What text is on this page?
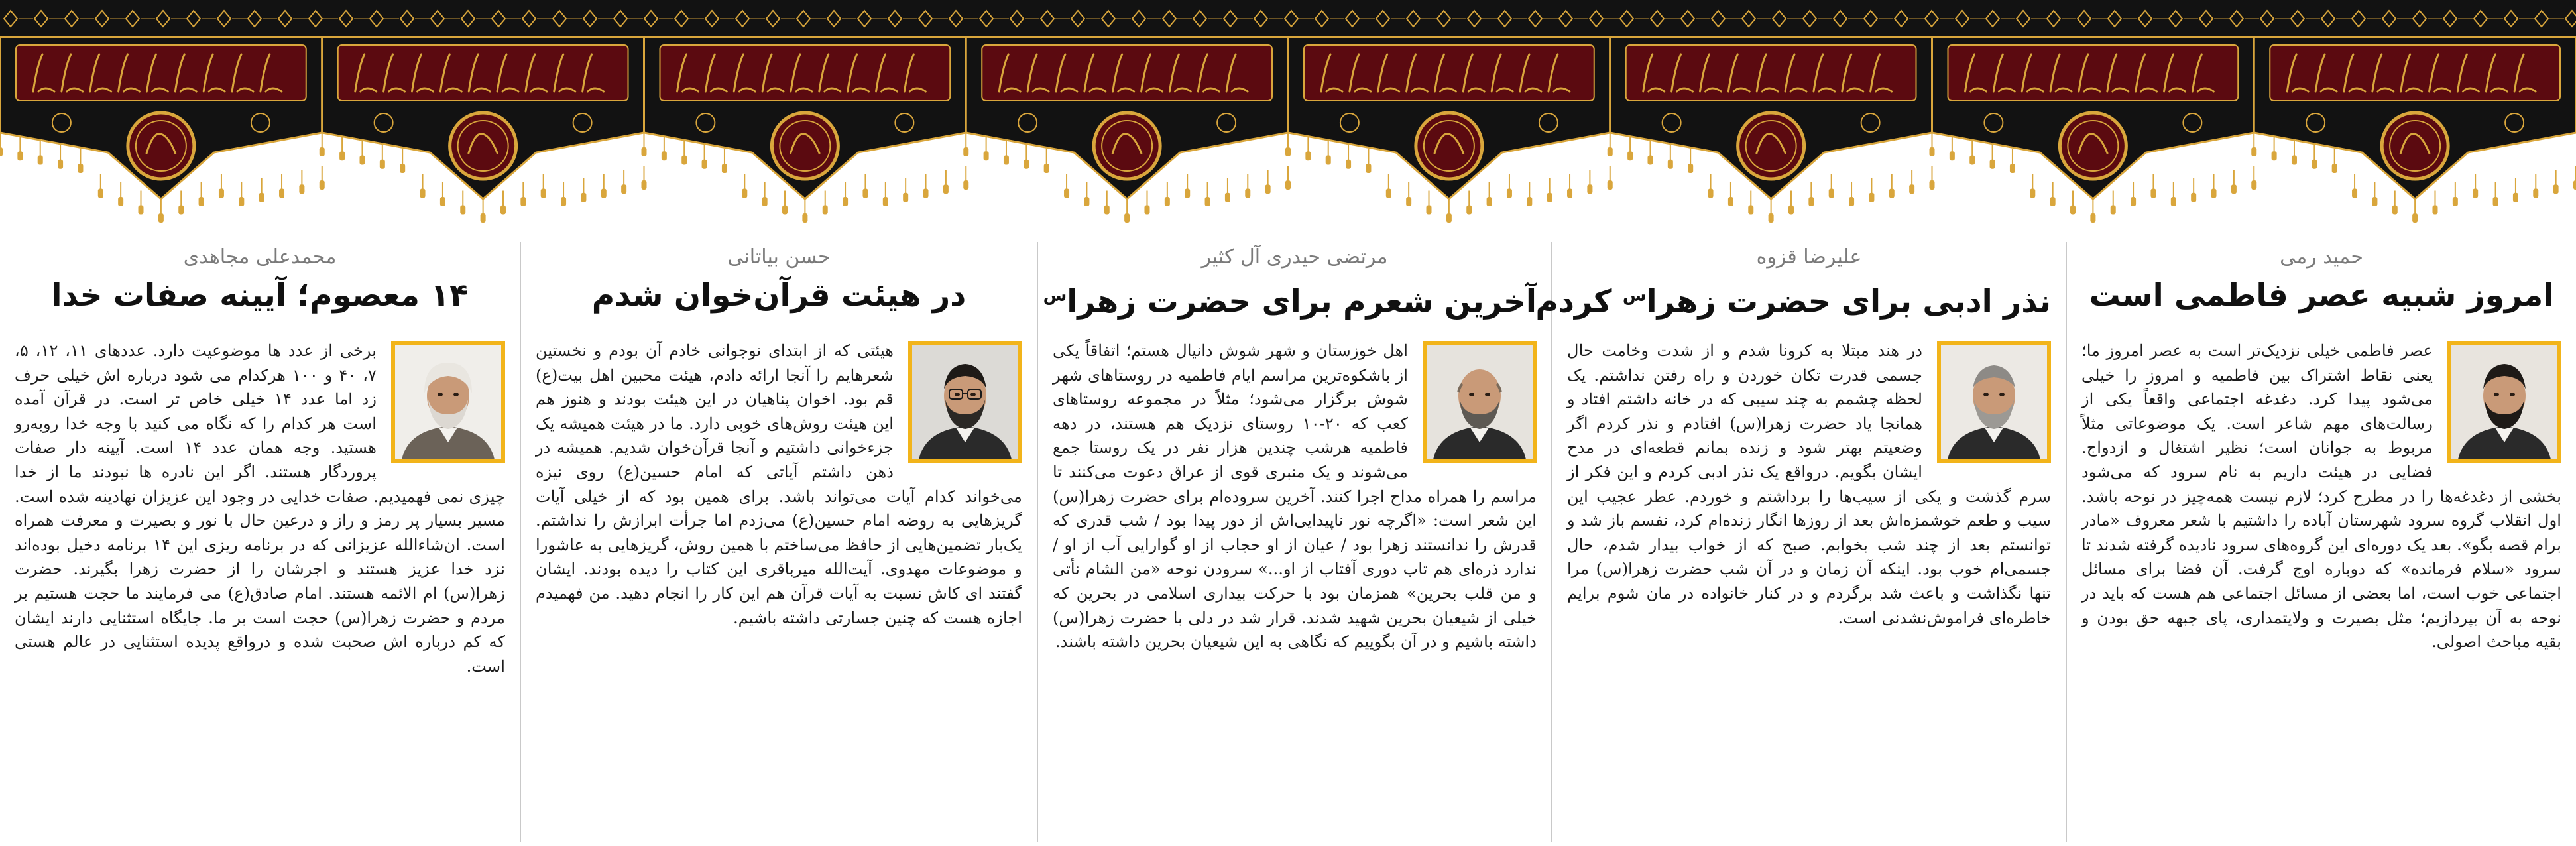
حمید رمی
امروز شبیه عصر فاطمی است
عصر فاطمی خیلی نزدیک‌تر است به عصر امروز ما؛ یعنی نقاط اشتراک بین فاطمیه و امروز را خیلی می‌شود پیدا کرد. دغدغه اجتماعی واقعاً یکی از رسالت‌های مهم شاعر است. یک موضوعاتی مثلاً مربوط به جوانان است؛ نظیر اشتغال و ازدواج. فضایی در هیئت داریم به نام سرود که می‌شود بخشی از دغدغه‌ها را در مطرح کرد؛ لازم نیست همه‌چیز در نوحه باشد. اول انقلاب گروه سرود شهرستان آباده را داشتیم با شعر معروف «مادر برام قصه بگو». بعد یک دوره‌ای این گروه‌های سرود نادیده گرفته شدند تا سرود «سلام فرمانده» که دوباره اوج گرفت. آن فضا برای مسائل اجتماعی خوب است، اما بعضی از مسائل اجتماعی هم هست که باید در نوحه به آن بپردازیم؛ مثل بصیرت و ولایتمداری، پای جبهه حق بودن و بقیه مباحث اصولی.
علیرضا قزوه
نذر ادبی برای حضرت زهرا$^س$ کردم
در هند مبتلا به کرونا شدم و از شدت وخامت حال جسمی قدرت تکان خوردن و راه رفتن نداشتم. یک لحظه چشمم به چند سیبی که در خانه داشتم افتاد و همانجا یاد حضرت زهرا(س) افتادم و نذر کردم اگر وضعیتم بهتر شود و زنده بمانم قطعه‌ای در مدح ایشان بگویم. درواقع یک نذر ادبی کردم و این فکر از سرم گذشت و یکی از سیب‌ها را برداشتم و خوردم. عطر عجیب این سیب و طعم خوشمزه‌اش بعد از روزها انگار زنده‌ام کرد، نفسم باز شد و توانستم بعد از چند شب بخوابم. صبح که از خواب بیدار شدم، حال جسمی‌ام خوب بود. اینکه آن زمان و در آن شب حضرت زهرا(س) مرا تنها نگذاشت و باعث شد برگردم و در کنار خانواده در مان شوم برایم خاطره‌ای فراموش‌نشدنی است.
مرتضی حیدری آل کثیر
آخرین شعرم برای حضرت زهرا$^س$
اهل خوزستان و شهر شوش دانیال هستم؛ اتفاقاً یکی از باشکوه‌ترین مراسم ایام فاطمیه در روستاهای شهر شوش برگزار می‌شود؛ مثلاً در مجموعه روستاهای کعب که ۲۰-۱۰ روستای نزدیک هم هستند، در دهه فاطمیه هرشب چندین هزار نفر در یک روستا جمع می‌شوند و یک منبری قوی از عراق دعوت می‌کنند تا مراسم را همراه مداح اجرا کنند. آخرین سروده‌ام برای حضرت زهرا(س) این شعر است: «اگرچه نور ناپیدایی‌اش از دور پیدا بود / شب قدری که قدرش را ندانستند زهرا بود / عیان از او حجاب از او گوارایی آب از او / ندارد ذره‌ای هم تاب دوری آفتاب از او...» سرودن نوحه «من الشام نأتی و من قلب بحرین» همزمان بود با حرکت بیداری اسلامی در بحرین که خیلی از شیعیان بحرین شهید شدند. قرار شد در دلی با حضرت زهرا(س) داشته باشیم و در آن بگوییم که نگاهی به این شیعیان بحرین داشته باشند.
حسن بیاتانی
در هیئت قرآن‌خوان شدم
هیئتی که از ابتدای نوجوانی خادم آن بودم و نخستین شعرهایم را آنجا ارائه دادم، هیئت محبین اهل بیت(ع) قم بود. اخوان پناهیان در این هیئت بودند و هنوز هم این هیئت روش‌های خوبی دارد. ما در هیئت همیشه یک جزءخوانی داشتیم و آنجا قرآن‌خوان شدیم. همیشه در ذهن داشتم آیاتی که امام حسین(ع) روی نیزه می‌خواند کدام آیات می‌تواند باشد. برای همین بود که از خیلی آیات گریزهایی به روضه امام حسین(ع) می‌زدم اما جرأت ابرازش را نداشتم. یک‌بار تضمین‌هایی از حافظ می‌ساختم با همین روش، گریزهایی به عاشورا و موضوعات مهدوی. آیت‌الله میرباقری این کتاب را دیده بودند. ایشان گفتند ای کاش نسبت به آیات قرآن هم این کار را انجام دهید. من فهمیدم اجازه هست که چنین جسارتی داشته باشیم.
محمدعلی مجاهدی
۱۴ معصوم؛ آیینه صفات خدا
برخی از عدد ها موضوعیت دارد. عددهای ۱۱، ۱۲، ۵، ۷، ۴۰ و ۱۰۰ هرکدام می شود درباره اش خیلی حرف زد اما عدد ۱۴ خیلی خاص تر است. در قرآن آمده است هر کدام را که نگاه می کنید با وجه خدا روبه‌رو هستید. وجه همان عدد ۱۴ است. آیینه دار صفات پروردگار هستند. اگر این نادره ها نبودند ما از خدا چیزی نمی فهمیدیم. صفات خدایی در وجود این عزیزان نهادینه شده است. مسیر بسیار پر رمز و راز و درعین حال با نور و بصیرت و معرفت همراه است. ان‌شاءالله عزیزانی که در برنامه ریزی این ۱۴ برنامه دخیل بوده‌اند نزد خدا عزیز هستند و اجرشان را از حضرت زهرا بگیرند. حضرت زهرا(س) ام الائمه هستند. امام صادق(ع) می فرمایند ما حجت هستیم بر مردم و حضرت زهرا(س) حجت است بر ما. جایگاه استثنایی دارند ایشان که کم درباره اش صحبت شده و درواقع پدیده استثنایی در عالم هستی است.
